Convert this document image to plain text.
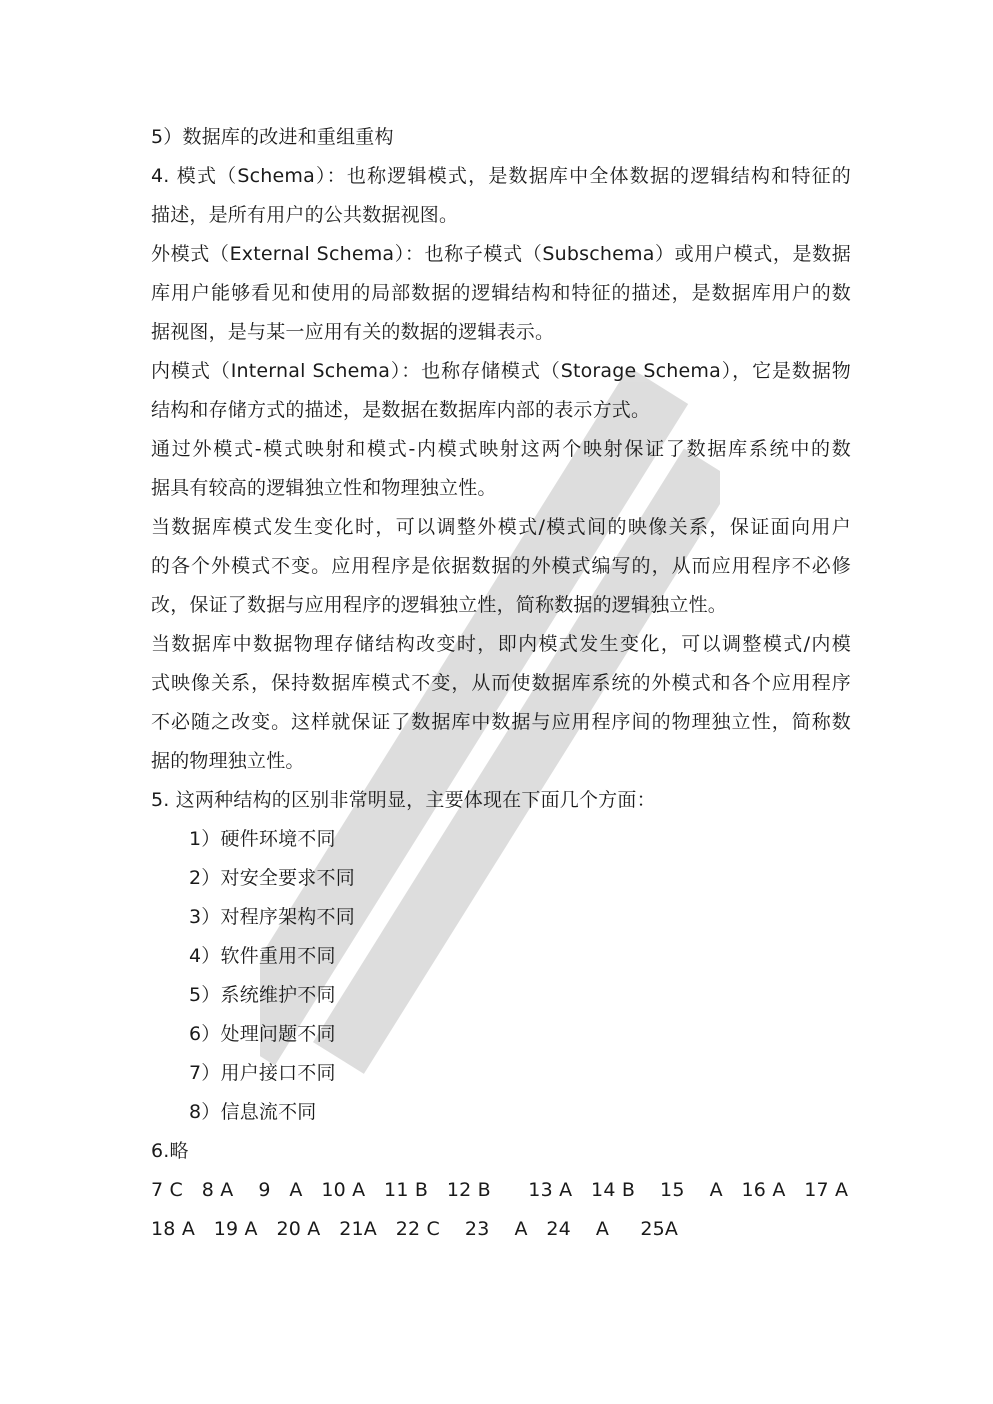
5）数据库的改进和重组重构
4. 模式（Schema）：也称逻辑模式，是数据库中全体数据的逻辑结构和特征的
描述，是所有用户的公共数据视图。
外模式（External Schema）：也称子模式（Subschema）或用户模式，是数据
库用户能够看见和使用的局部数据的逻辑结构和特征的描述，是数据库用户的数
据视图，是与某一应用有关的数据的逻辑表示。
内模式（Internal Schema）：也称存储模式（Storage Schema），它是数据物
结构和存储方式的描述，是数据在数据库内部的表示方式。
通过外模式-模式映射和模式-内模式映射这两个映射保证了数据库系统中的数
据具有较高的逻辑独立性和物理独立性。
当数据库模式发生变化时，可以调整外模式/模式间的映像关系，保证面向用户
的各个外模式不变。应用程序是依据数据的外模式编写的，从而应用程序不必修
改，保证了数据与应用程序的逻辑独立性，简称数据的逻辑独立性。
当数据库中数据物理存储结构改变时，即内模式发生变化，可以调整模式/内模
式映像关系，保持数据库模式不变，从而使数据库系统的外模式和各个应用程序
不必随之改变。这样就保证了数据库中数据与应用程序间的物理独立性，简称数
据的物理独立性。
5. 这两种结构的区别非常明显，主要体现在下面几个方面：
1）硬件环境不同
2）对安全要求不同
3）对程序架构不同
4）软件重用不同
5）系统维护不同
6）处理问题不同
7）用户接口不同
8）信息流不同
6.略
7 C   8 A    9   A   10 A   11 B   12 B      13 A   14 B    15    A   16 A   17 A
18 A   19 A   20 A   21A   22 C    23    A   24    A     25A
